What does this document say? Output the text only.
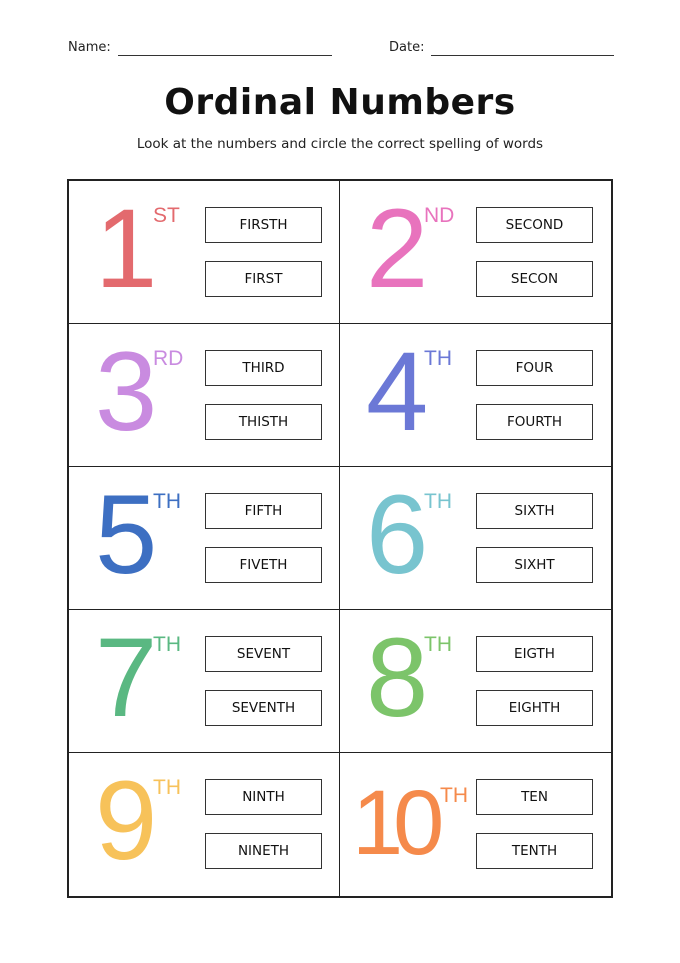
Name:	Date:
Ordinal Numbers
Look at the numbers and circle the correct spelling of words
1 ST	FIRSTH
FIRST 2 ND	SECOND
SECON
3 RD	THIRD
THISTH 4 TH	FOUR
FOURTH
5 TH	FIFTH
FIVETH 6 TH	SIXTH
SIXHT
7 TH	SEVENT
SEVENTH 8 TH	EIGTH
EIGHTH
9 TH	NINTH
NINETH 10 TH	TEN
TENTH
